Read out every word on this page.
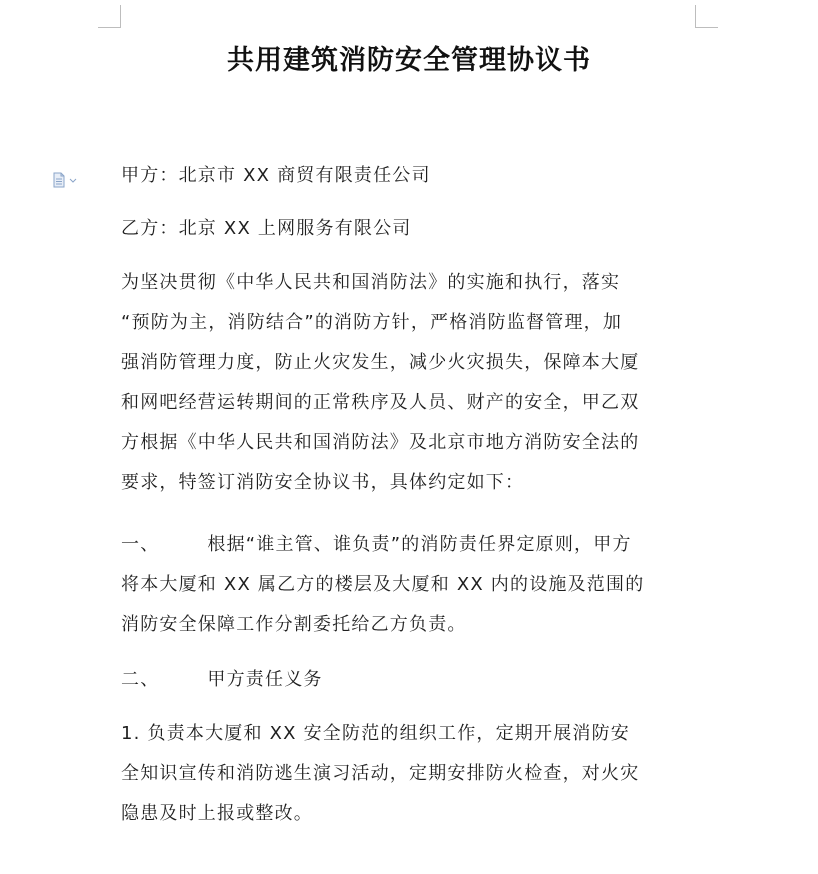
共用建筑消防安全管理协议书
甲方：北京市 XX 商贸有限责任公司
乙方：北京 XX 上网服务有限公司
为坚决贯彻《中华人民共和国消防法》的实施和执行，落实
“预防为主，消防结合”的消防方针，严格消防监督管理，加
强消防管理力度，防止火灾发生，减少火灾损失，保障本大厦
和网吧经营运转期间的正常秩序及人员、财产的安全，甲乙双
方根据《中华人民共和国消防法》及北京市地方消防安全法的
要求，特签订消防安全协议书，具体约定如下：
一、	根据“谁主管、谁负责”的消防责任界定原则，甲方
将本大厦和 XX 属乙方的楼层及大厦和 XX 内的设施及范围的
消防安全保障工作分割委托给乙方负责。
二、	甲方责任义务
1. 负责本大厦和 XX 安全防范的组织工作，定期开展消防安
全知识宣传和消防逃生演习活动，定期安排防火检查，对火灾
隐患及时上报或整改。
